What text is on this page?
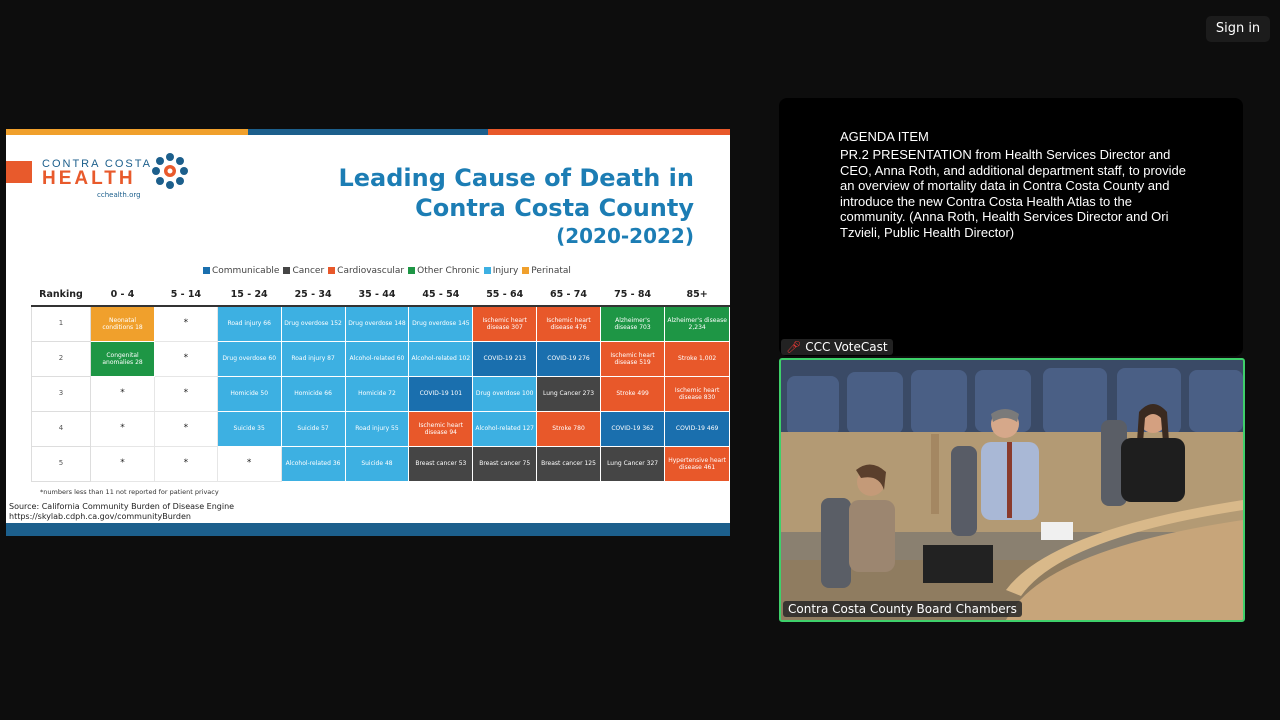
Sign in
CONTRA COSTA
HEALTH
cchealth.org
Leading Cause of Death in
Contra Costa County
(2020-2022)
Communicable	Cancer	Cardiovascular	Other Chronic	Injury	Perinatal
Ranking	0 - 4	5 - 14	15 - 24	25 - 34	35 - 44	45 - 54	55 - 64	65 - 74	75 - 84	85+
1	Neonatal conditions 18	*	Road injury 66	Drug overdose 152	Drug overdose 148	Drug overdose 145	Ischemic heart disease 307	Ischemic heart disease 476	Alzheimer's disease 703	Alzheimer's disease 2,234
2	Congenital anomalies 28	*	Drug overdose 60	Road injury 87	Alcohol-related 60	Alcohol-related 102	COVID-19 213	COVID-19 276	Ischemic heart disease 519	Stroke 1,002
3	*	*	Homicide 50	Homicide 66	Homicide 72	COVID-19 101	Drug overdose 100	Lung Cancer 273	Stroke 499	Ischemic heart disease 830
4	*	*	Suicide 35	Suicide 57	Road injury 55	Ischemic heart disease 94	Alcohol-related 127	Stroke 780	COVID-19 362	COVID-19 469
5	*	*	*	Alcohol-related 36	Suicide 48	Breast cancer 53	Breast cancer 75	Breast cancer 125	Lung Cancer 327	Hypertensive heart disease 461
*numbers less than 11 not reported for patient privacy
Source: California Community Burden of Disease Engine
https://skylab.cdph.ca.gov/communityBurden
AGENDA ITEM
PR.2 PRESENTATION from Health Services Director and CEO, Anna Roth, and additional department staff, to provide an overview of mortality data in Contra Costa County and introduce the new Contra Costa Health Atlas to the community. (Anna Roth, Health Services Director and Ori Tzvieli, Public Health Director)
🎤︎ CCC VoteCast
Contra Costa County Board Chambers
